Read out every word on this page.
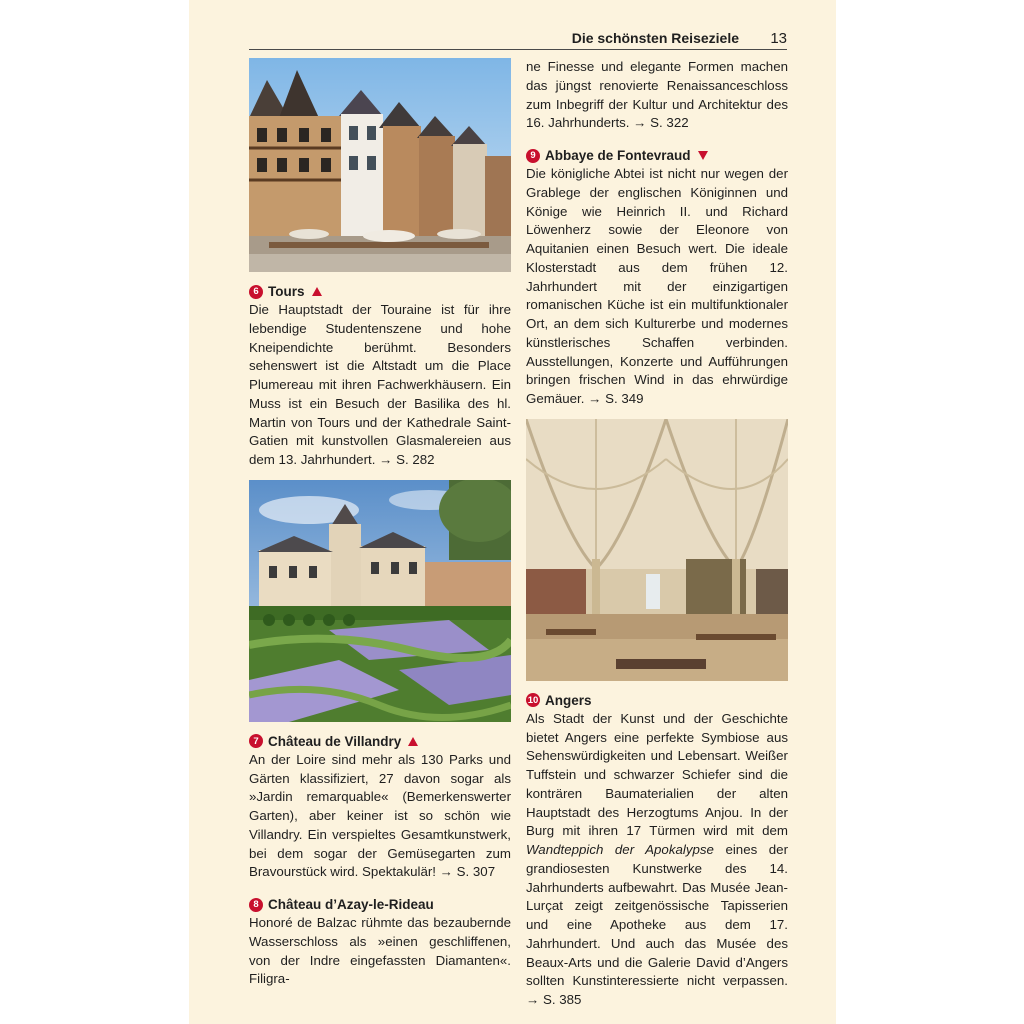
Die schönsten Reiseziele 13
6 Tours

Die Hauptstadt der Touraine ist für ihre lebendige Studentenszene und hohe Kneipendichte berühmt. Besonders sehenswert ist die Altstadt um die Place Plumereau mit ihren Fachwerkhäusern. Ein Muss ist ein Besuch der Basilika des hl. Martin von Tours und der Kathedrale Saint-Gatien mit kunstvollen Glasmalereien aus dem 13. Jahrhundert. → S. 282

7 Château de Villandry

An der Loire sind mehr als 130 Parks und Gärten klassifiziert, 27 davon sogar als »Jardin remarquable« (Bemerkenswerter Garten), aber keiner ist so schön wie Villandry. Ein verspieltes Gesamtkunstwerk, bei dem sogar der Gemüsegarten zum Bravourstück wird. Spektakulär! → S. 307

8 Château d’Azay-le-Rideau

Honoré de Balzac rühmte das bezaubernde Wasserschloss als »einen geschliffenen, von der Indre eingefassten Diamanten«. Filigra-

ne Finesse und elegante Formen machen das jüngst renovierte Renaissanceschloss zum Inbegriff der Kultur und Architektur des 16. Jahrhunderts. → S. 322

9 Abbaye de Fontevraud

Die königliche Abtei ist nicht nur wegen der Grablege der englischen Königinnen und Könige wie Heinrich II. und Richard Löwenherz sowie der Eleonore von Aquitanien einen Besuch wert. Die ideale Klosterstadt aus dem frühen 12. Jahrhundert mit der einzigartigen romanischen Küche ist ein multifunktionaler Ort, an dem sich Kulturerbe und modernes künstlerisches Schaffen verbinden. Ausstellungen, Konzerte und Aufführungen bringen frischen Wind in das ehrwürdige Gemäuer. → S. 349

10 Angers

Als Stadt der Kunst und der Geschichte bietet Angers eine perfekte Symbiose aus Sehenswürdigkeiten und Lebensart. Weißer Tuffstein und schwarzer Schiefer sind die konträren Baumaterialien der alten Hauptstadt des Herzogtums Anjou. In der Burg mit ihren 17 Türmen wird mit dem Wandteppich der Apokalypse eines der grandiosesten Kunstwerke des 14. Jahrhunderts aufbewahrt. Das Musée Jean-Lurçat zeigt zeitgenössische Tapisserien und eine Apotheke aus dem 17. Jahrhundert. Und auch das Musée des Beaux-Arts und die Galerie David d’Angers sollten Kunstinteressierte nicht verpassen. → S. 385
